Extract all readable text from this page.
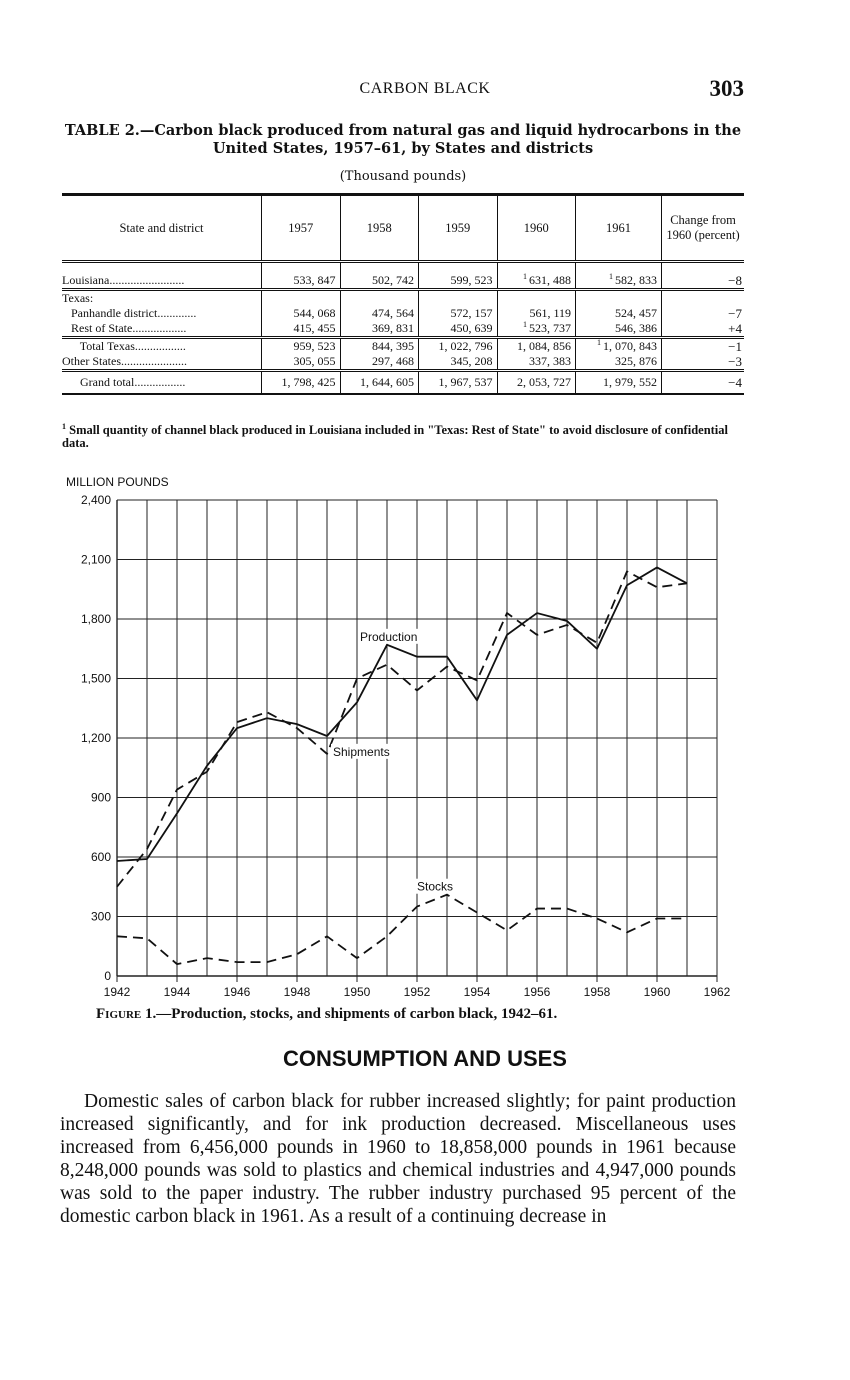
CARBON BLACK	303
TABLE 2.—Carbon black produced from natural gas and liquid hydrocarbons in the United States, 1957–61, by States and districts
(Thousand pounds)
State and district	1957	1958	1959	1960	1961	Change from 1960 (percent)
Louisiana.........................	533, 847	502, 742	599, 523	$^1$ 631, 488	$^1$ 582, 833	−8
Texas:						
Panhandle district.............	544, 068	474, 564	572, 157	561, 119	524, 457	−7
Rest of State..................	415, 455	369, 831	450, 639	$^1$ 523, 737	546, 386	+4
Total Texas.................	959, 523	844, 395	1, 022, 796	1, 084, 856	$^1$ 1, 070, 843	−1
Other States......................	305, 055	297, 468	345, 208	337, 383	325, 876	−3
Grand total.................	1, 798, 425	1, 644, 605	1, 967, 537	2, 053, 727	1, 979, 552	−4
$^1$ Small quantity of channel black produced in Louisiana included in "Texas: Rest of State" to avoid disclosure of confidential data.
0
300
600
900
1,200
1,500
1,800
2,100
2,400
1942	1944	1946	1948	1950	1952	1954	1956	1958	1960	1962
MILLION POUNDS
Production
Shipments
Stocks
Figure 1.—Production, stocks, and shipments of carbon black, 1942–61.
CONSUMPTION AND USES
Domestic sales of carbon black for rubber increased slightly; for paint production increased significantly, and for ink production decreased. Miscellaneous uses increased from 6,456,000 pounds in 1960 to 18,858,000 pounds in 1961 because 8,248,000 pounds was sold to plastics and chemical industries and 4,947,000 pounds was sold to the paper industry. The rubber industry purchased 95 percent of the domestic carbon black in 1961. As a result of a continuing decrease in
